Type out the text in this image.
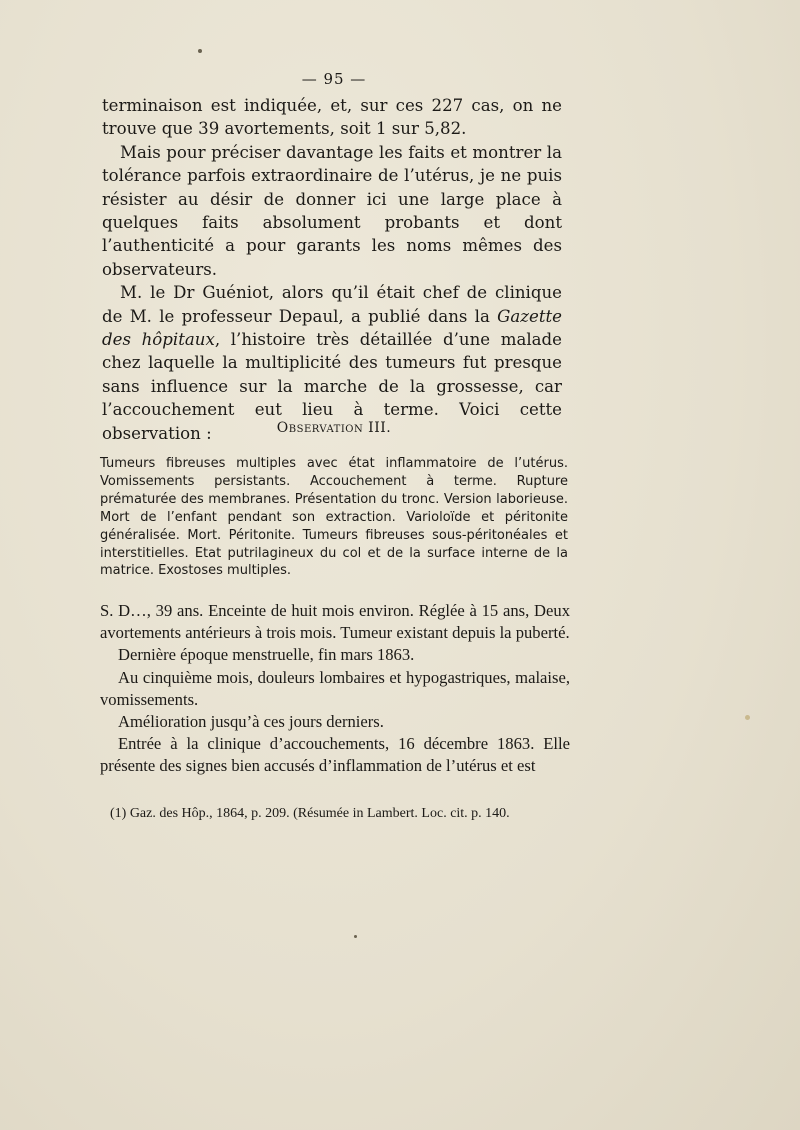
— 95 —

terminaison est indiquée, et, sur ces 227 cas, on ne trouve que 39 avortements, soit 1 sur 5,82.

Mais pour préciser davantage les faits et montrer la tolérance parfois extraordinaire de l’utérus, je ne puis résister au désir de donner ici une large place à quelques faits absolument probants et dont l’authenticité a pour garants les noms mêmes des observateurs.

M. le Dr Guéniot, alors qu’il était chef de clinique de M. le professeur Depaul, a publié dans la Gazette des hôpitaux, l’histoire très détaillée d’une malade chez laquelle la multiplicité des tumeurs fut presque sans influence sur la marche de la grossesse, car l’accouchement eut lieu à terme. Voici cette observation :	Observation III.

Tumeurs fibreuses multiples avec état inflammatoire de l’utérus. Vomissements persistants. Accouchement à terme. Rupture prématurée des membranes. Présentation du tronc. Version laborieuse. Mort de l’enfant pendant son extraction. Varioloïde et péritonite généralisée. Mort. Péritonite. Tumeurs fibreuses sous-péritonéales et interstitielles. Etat putrilagineux du col et de la surface interne de la matrice. Exostoses multiples.

S. D…, 39 ans. Enceinte de huit mois environ. Réglée à 15 ans, Deux avortements antérieurs à trois mois. Tumeur existant depuis la puberté.

Dernière époque menstruelle, fin mars 1863.

Au cinquième mois, douleurs lombaires et hypogastriques, malaise, vomissements.

Amélioration jusqu’à ces jours derniers.

Entrée à la clinique d’accouchements, 16 décembre 1863. Elle présente des signes bien accusés d’inflammation de l’utérus et est

(1) Gaz. des Hôp., 1864, p. 209. (Résumée in Lambert. Loc. cit. p. 140.
